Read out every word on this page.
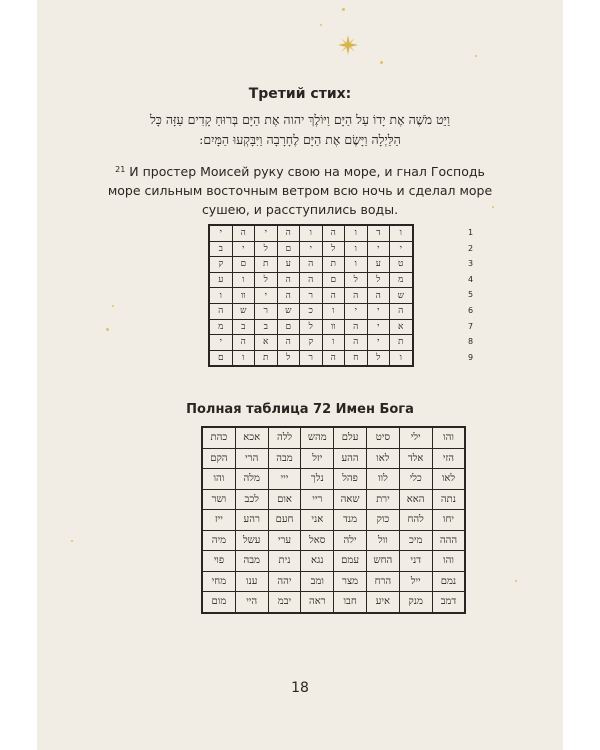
Третий стих:
וַיֵּט מֹשֶׁה אֶת יָדוֹ עַל הַיָּם וַיּוֹלֶךְ יהוה אֶת הַיָּם בְּרוּחַ קָדִים עַזָּה כָּל
הַלַּיְלָה וַיָּשֶׂם אֶת הַיָּם לֶחָרָבָה וַיִּבָּקְעוּ הַמָּיִם:
$^{21}$ И простер Моисей руку свою на море, и гнал Господь
море сильным восточным ветром всю ночь и сделал море
сушею, и расступились воды.
י	ה	י	ה	ו	ה	ו	ד	ו
ב	י	ל	ם	י	ל	ו	י	י
ק	ם	ת	ע	ה	ת	ו	ע	ט
ע	ו	ל	ה	ה	ם	ל	ל	מ
ו	וו	י	ה	ר	ה	ה	ה	ש
ה	ש	ר	ש	כ	ו	י	י	ה
מ	ב	ב	ם	ל	וו	ה	י	א
י	ה	א	ה	ק	ו	ה	י	ת
ם	ו	ת	ל	ר	ה	ח	ל	ו
1
2
3
4
5
6
7
8
9
Полная таблица 72 Имен Бога
כהת	אכא	ללה	מהש	עלם	סיט	ילי	והו
הקם	הרי	מבה	יזל	ההע	לאו	אלד	הזי
והו	מלה	ייי	נלך	פהל	לוו	כלי	לאו
ושר	לכב	אום	ריי	שאה	ירת	האא	נתה
ייז	רהע	חעם	אני	מנד	כוק	להח	יחו
מיה	עשל	ערי	סאל	ילה	וול	מיכ	ההה
פוי	מבה	נית	נגא	עמם	החש	דני	והו
מחי	ענו	יהה	ומב	מצר	הרח	ייל	נמם
מום	היי	יבמ	ראה	חבו	איע	מנק	דמב
18
